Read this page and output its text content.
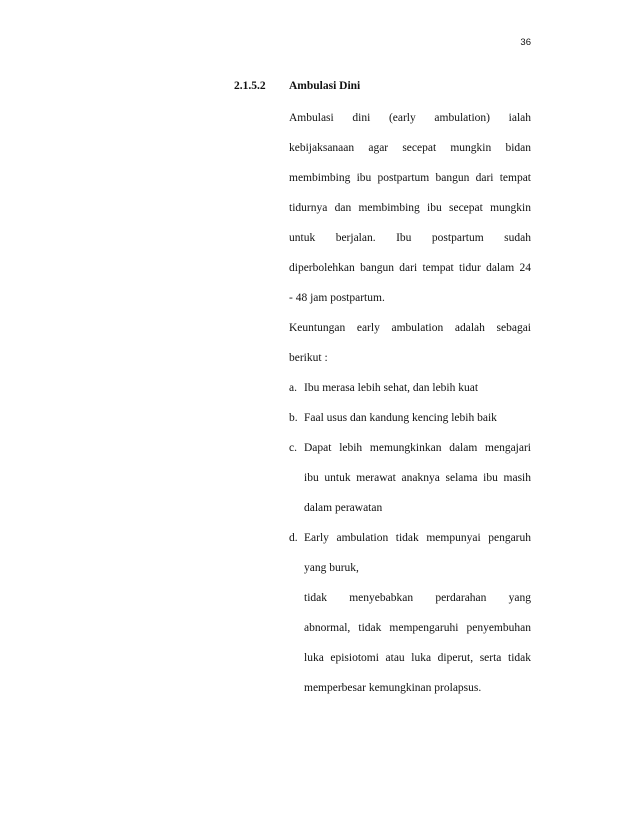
36
2.1.5.2 Ambulasi Dini
Ambulasi dini (early ambulation) ialah
kebijaksanaan agar secepat mungkin bidan
membimbing ibu postpartum bangun dari tempat
tidurnya dan membimbing ibu secepat mungkin
untuk berjalan. Ibu postpartum sudah
diperbolehkan bangun dari tempat tidur dalam 24
- 48 jam postpartum.
Keuntungan early ambulation adalah sebagai
berikut :
a. Ibu merasa lebih sehat, dan lebih kuat
b. Faal usus dan kandung kencing lebih baik
c. Dapat lebih memungkinkan dalam mengajari
ibu untuk merawat anaknya selama ibu masih
dalam perawatan
d. Early ambulation tidak mempunyai pengaruh
yang buruk,
tidak menyebabkan perdarahan yang
abnormal, tidak mempengaruhi penyembuhan
luka episiotomi atau luka diperut, serta tidak
memperbesar kemungkinan prolapsus.
